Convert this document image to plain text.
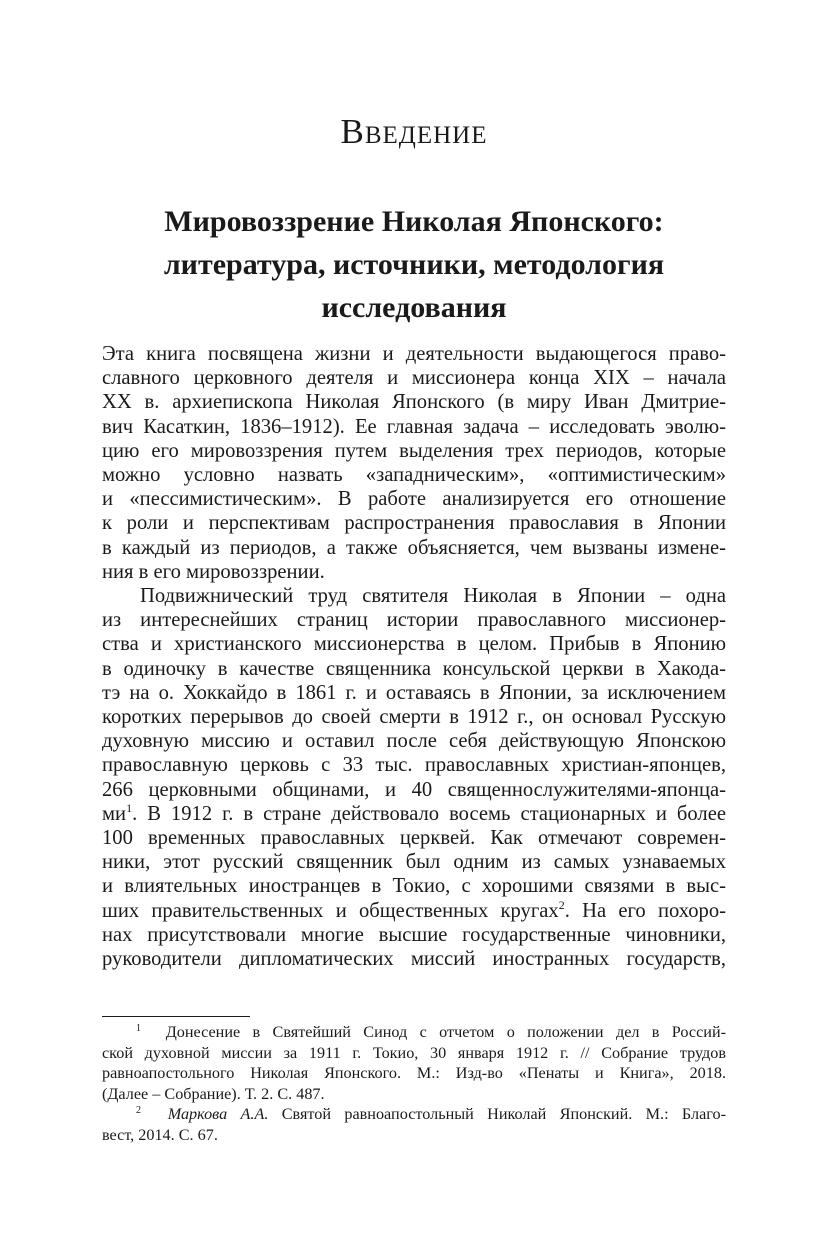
Введение
Мировоззрение Николая Японского:
литература, источники, методология
исследования
Эта книга посвящена жизни и деятельности выдающегося право-
славного церковного деятеля и миссионера конца XIX – начала
XX в. архиепископа Николая Японского (в миру Иван Дмитрие-
вич Касаткин, 1836–1912). Ее главная задача – исследовать эволю-
цию его мировоззрения путем выделения трех периодов, которые
можно условно назвать «западническим», «оптимистическим»
и «пессимистическим». В работе анализируется его отношение
к роли и перспективам распространения православия в Японии
в каждый из периодов, а также объясняется, чем вызваны измене-
ния в его мировоззрении.
Подвижнический труд святителя Николая в Японии – одна
из интереснейших страниц истории православного миссионер-
ства и христианского миссионерства в целом. Прибыв в Японию
в одиночку в качестве священника консульской церкви в Хакода-
тэ на о. Хоккайдо в 1861 г. и оставаясь в Японии, за исключением
коротких перерывов до своей смерти в 1912 г., он основал Русскую
духовную миссию и оставил после себя действующую Японскою
православную церковь с 33 тыс. православных христиан-японцев,
266 церковными общинами, и 40 священнослужителями-японца-
ми$^1$. В 1912 г. в стране действовало восемь стационарных и более
100 временных православных церквей. Как отмечают современ-
ники, этот русский священник был одним из самых узнаваемых
и влиятельных иностранцев в Токио, с хорошими связями в выс-
ших правительственных и общественных кругах$^2$. На его похоро-
нах присутствовали многие высшие государственные чиновники,
руководители дипломатических миссий иностранных государств,
$^1$ Донесение в Святейший Синод с отчетом о положении дел в Россий-
ской духовной миссии за 1911 г. Токио, 30 января 1912 г. // Собрание трудов
равноапостольного Николая Японского. М.: Изд-во «Пенаты и Книга», 2018.
(Далее – Собрание). Т. 2. С. 487.
$^2$ Маркова А.А. Святой равноапостольный Николай Японский. М.: Благо-
вест, 2014. С. 67.
